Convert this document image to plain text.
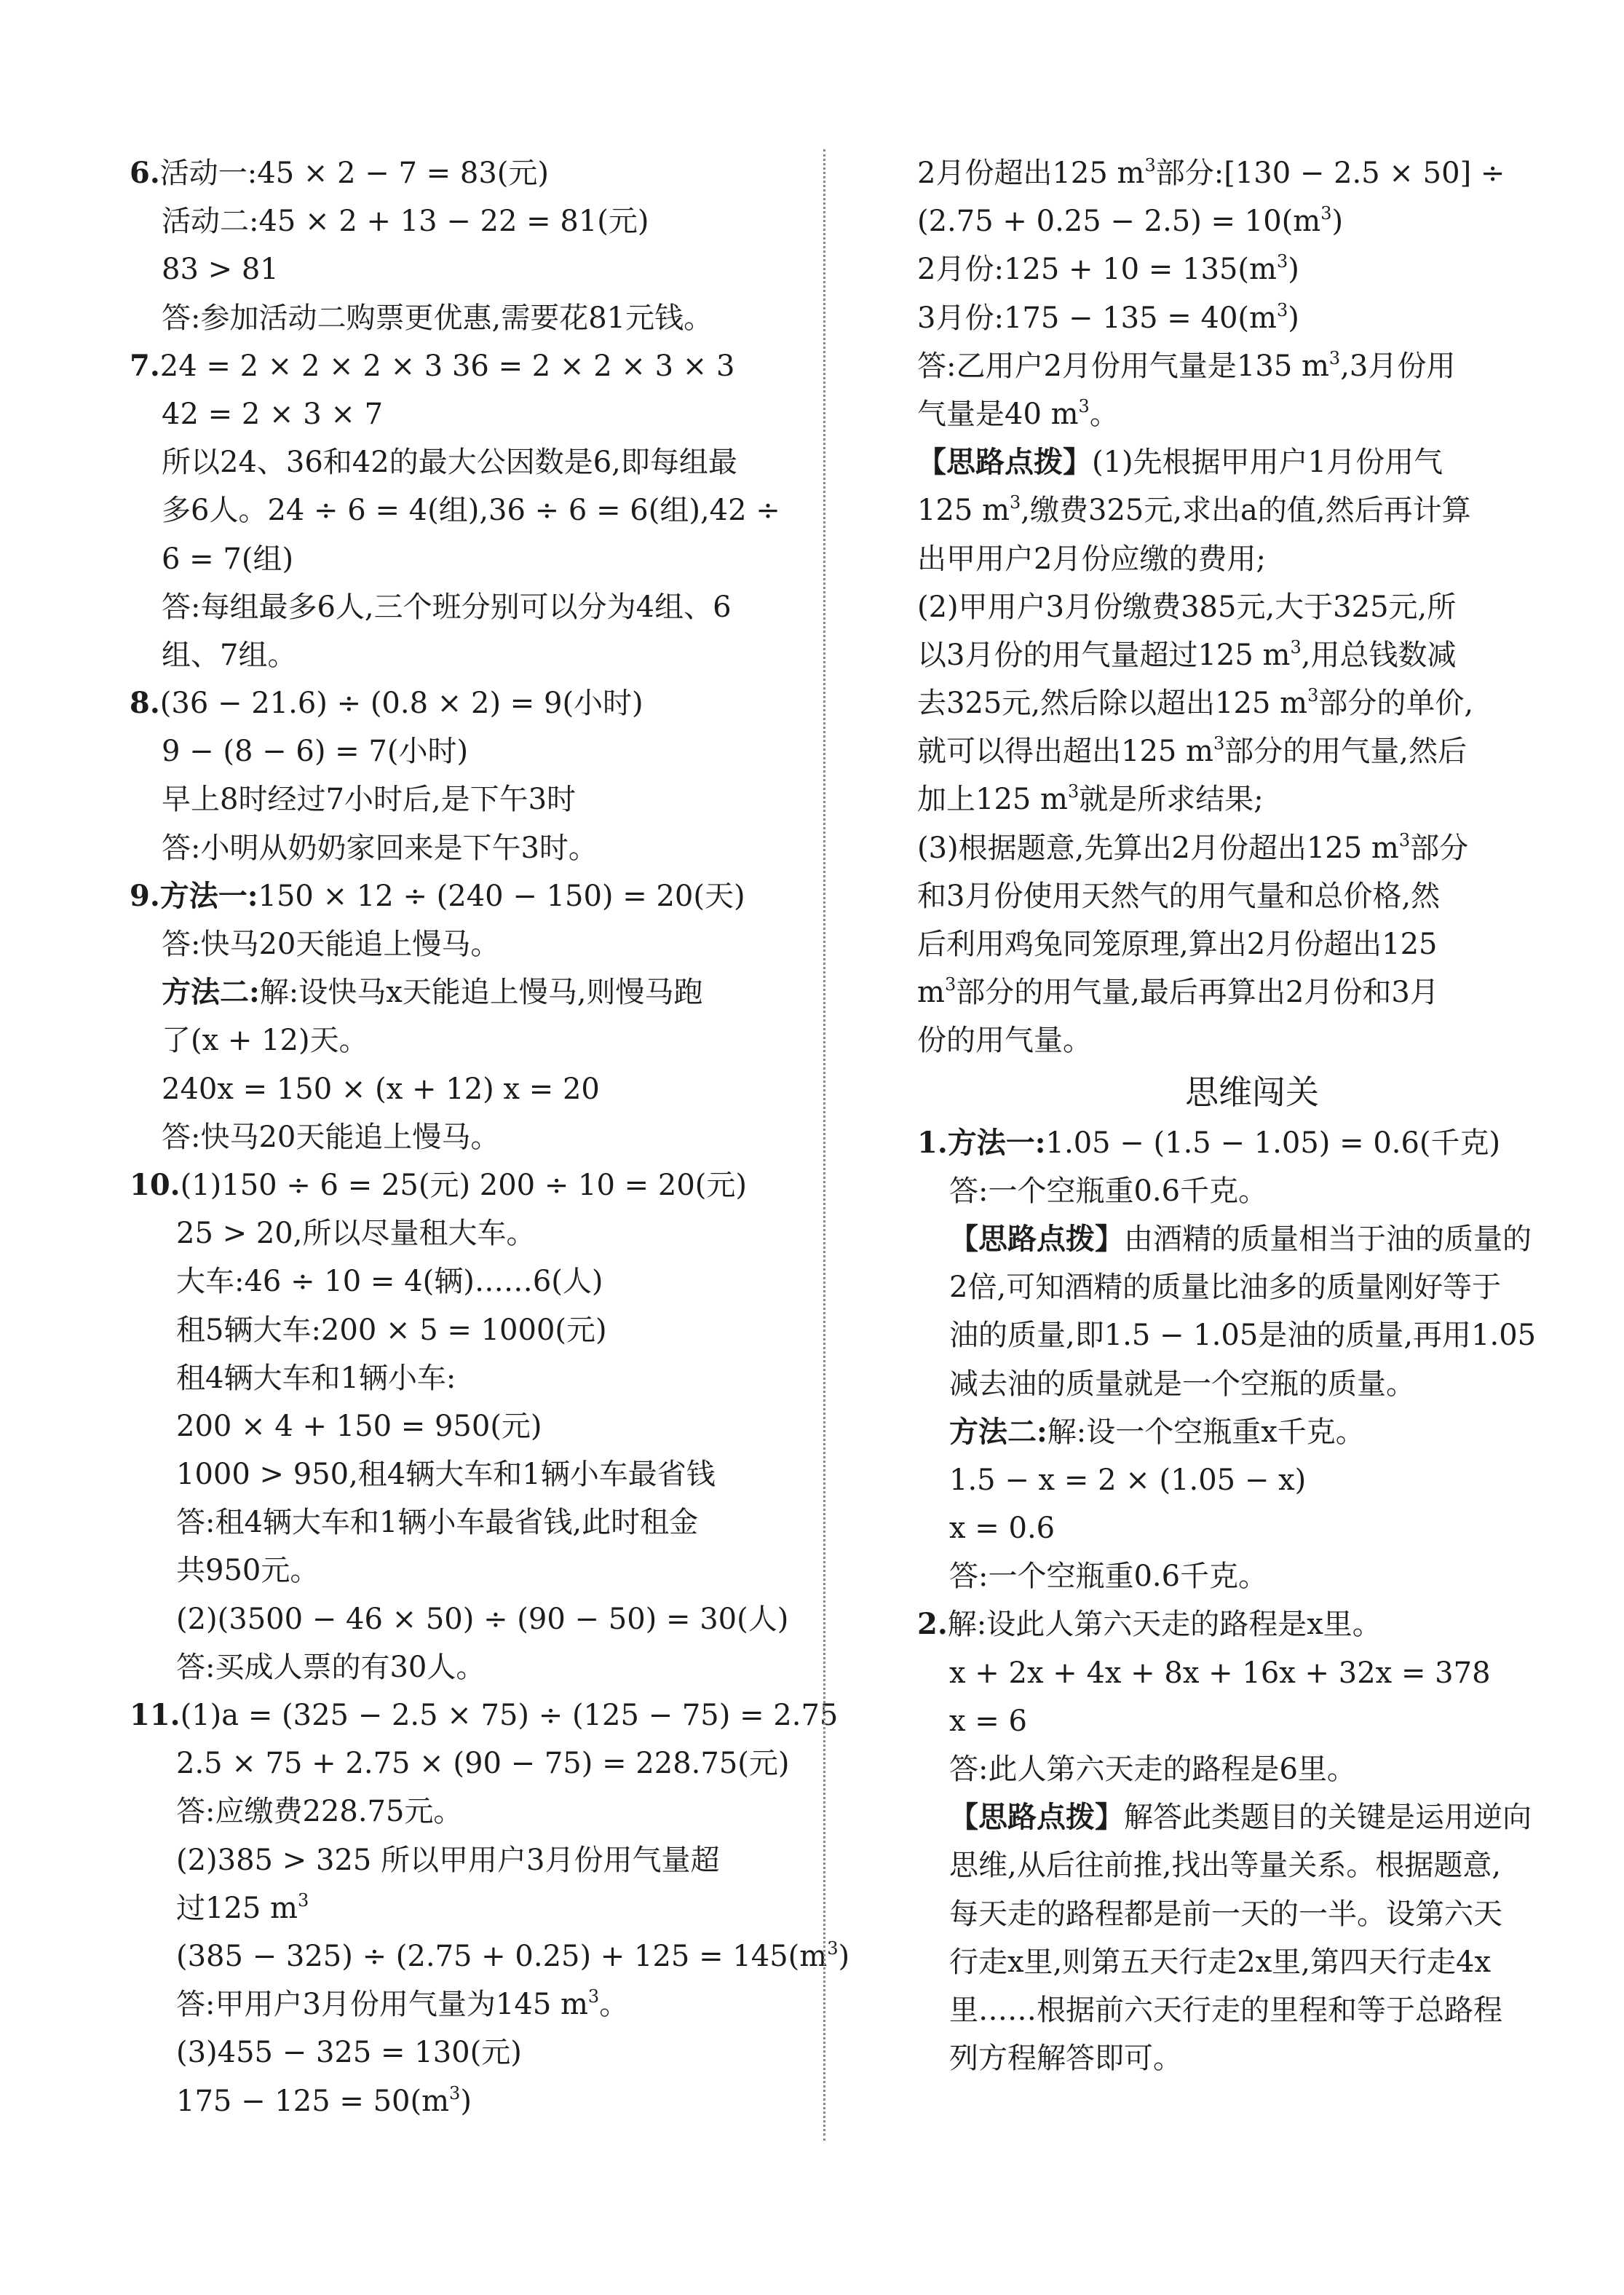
6.活动一:45 × 2 − 7 = 83(元)
活动二:45 × 2 + 13 − 22 = 81(元)
83 > 81
答:参加活动二购票更优惠,需要花81元钱。
7.24 = 2 × 2 × 2 × 3 36 = 2 × 2 × 3 × 3
42 = 2 × 3 × 7
所以24、36和42的最大公因数是6,即每组最
多6人。24 ÷ 6 = 4(组),36 ÷ 6 = 6(组),42 ÷
6 = 7(组)
答:每组最多6人,三个班分别可以分为4组、6
组、7组。
8.(36 − 21.6) ÷ (0.8 × 2) = 9(小时)
9 − (8 − 6) = 7(小时)
早上8时经过7小时后,是下午3时
答:小明从奶奶家回来是下午3时。
9.方法一:150 × 12 ÷ (240 − 150) = 20(天)
答:快马20天能追上慢马。
方法二:解:设快马x天能追上慢马,则慢马跑
了(x + 12)天。
240x = 150 × (x + 12) x = 20
答:快马20天能追上慢马。
10.(1)150 ÷ 6 = 25(元) 200 ÷ 10 = 20(元)
25 > 20,所以尽量租大车。
大车:46 ÷ 10 = 4(辆)……6(人)
租5辆大车:200 × 5 = 1000(元)
租4辆大车和1辆小车:
200 × 4 + 150 = 950(元)
1000 > 950,租4辆大车和1辆小车最省钱
答:租4辆大车和1辆小车最省钱,此时租金
共950元。
(2)(3500 − 46 × 50) ÷ (90 − 50) = 30(人)
答:买成人票的有30人。
11.(1)a = (325 − 2.5 × 75) ÷ (125 − 75) = 2.75
2.5 × 75 + 2.75 × (90 − 75) = 228.75(元)
答:应缴费228.75元。
(2)385 > 325 所以甲用户3月份用气量超
过125 $m^3$
$(385 - 325) \div (2.75 + 0.25) + 125 = 145(m^3)$
答:甲用户3月份用气量为145 $m^3$。
(3)455 − 325 = 130(元)
$175 - 125 = 50(m^3)$
2月份超出125 $m^3$部分:[130 − 2.5 × 50] ÷
$(2.75 + 0.25 - 2.5) = 10(m^3)$
2月份:125 + $10 = 135(m^3)$
3月份:175 − $135 = 40(m^3)$
答:乙用户2月份用气量是135 $m^3,3$月份用
气量是40 $m^3$。
【思路点拨】(1)先根据甲用户1月份用气
125 $m^3$,缴费325元,求出a的值,然后再计算
出甲用户2月份应缴的费用;
(2)甲用户3月份缴费385元,大于325元,所
以3月份的用气量超过125 $m^3$,用总钱数减
去325元,然后除以超出125 $m^3$部分的单价,
就可以得出超出125 $m^3$部分的用气量,然后
加上125 $m^3$就是所求结果;
(3)根据题意,先算出2月份超出125 $m^3$部分
和3月份使用天然气的用气量和总价格,然
后利用鸡兔同笼原理,算出2月份超出125
$m^3$部分的用气量,最后再算出2月份和3月
份的用气量。
思维闯关
1.方法一:1.05 − (1.5 − 1.05) = 0.6(千克)
答:一个空瓶重0.6千克。
【思路点拨】由酒精的质量相当于油的质量的
2倍,可知酒精的质量比油多的质量刚好等于
油的质量,即1.5 − 1.05是油的质量,再用1.05
减去油的质量就是一个空瓶的质量。
方法二:解:设一个空瓶重x千克。
1.5 − x = 2 × (1.05 − x)
x = 0.6
答:一个空瓶重0.6千克。
2.解:设此人第六天走的路程是x里。
x + 2x + 4x + 8x + 16x + 32x = 378
x = 6
答:此人第六天走的路程是6里。
【思路点拨】解答此类题目的关键是运用逆向
思维,从后往前推,找出等量关系。根据题意,
每天走的路程都是前一天的一半。设第六天
行走x里,则第五天行走2x里,第四天行走4x
里……根据前六天行走的里程和等于总路程
列方程解答即可。
